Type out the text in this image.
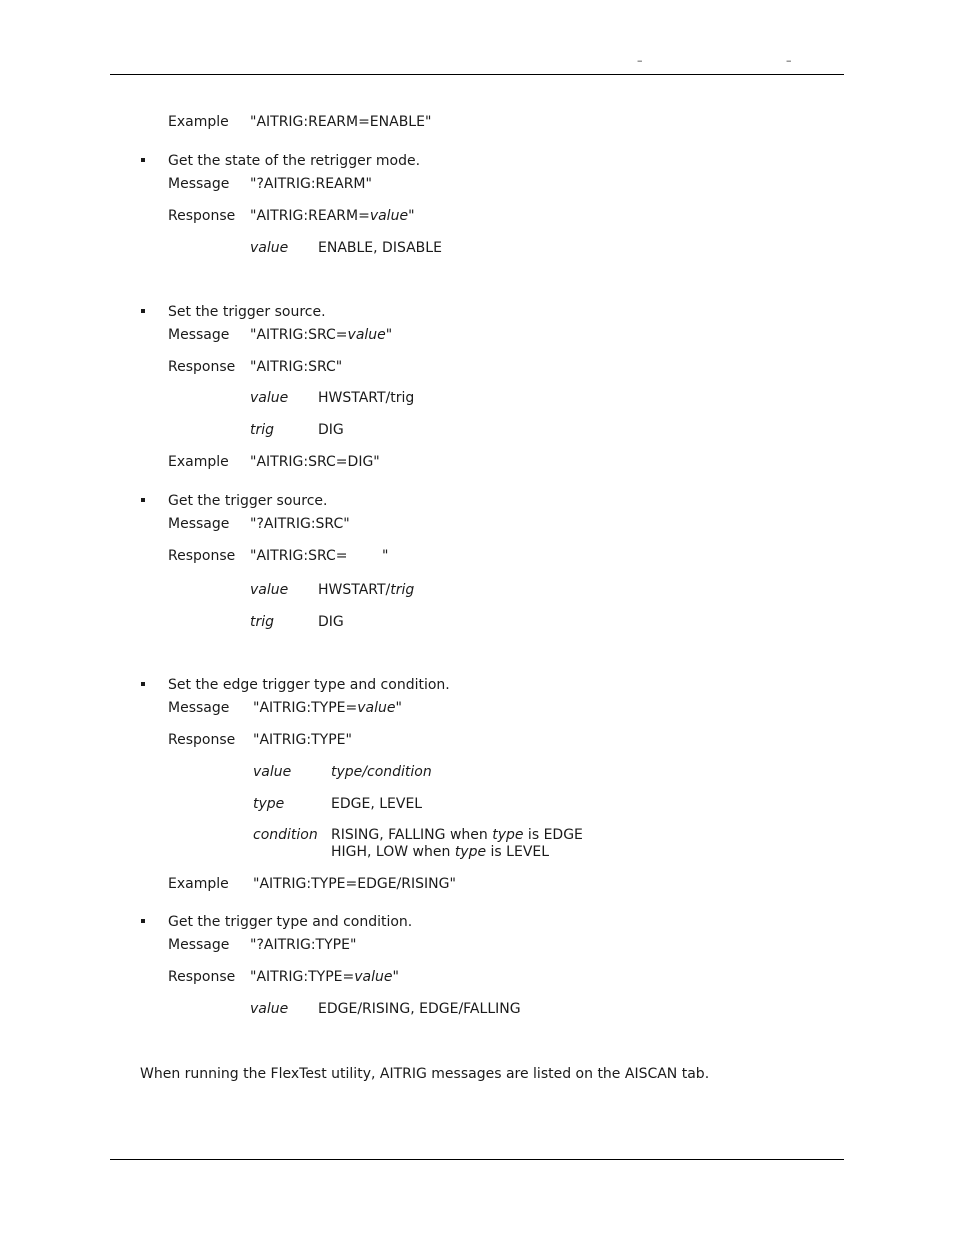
–	–
Example "AITRIG:REARM=ENABLE"
Get the state of the retrigger mode.
Message "?AITRIG:REARM"
Response "AITRIG:REARM=value"
value ENABLE, DISABLE
Set the trigger source.
Message "AITRIG:SRC=value"
Response "AITRIG:SRC"
value HWSTART/trig
trig	DIG
Example "AITRIG:SRC=DIG"
Get the trigger source.
Message "?AITRIG:SRC"
Response "AITRIG:SRC= "
value HWSTART/trig
trig	DIG
Set the edge trigger type and condition.
Message "AITRIG:TYPE=value"
Response "AITRIG:TYPE"
value	type/condition
type	EDGE, LEVEL
condition RISING, FALLING when type is EDGE
HIGH, LOW when type is LEVEL
Example "AITRIG:TYPE=EDGE/RISING"
Get the trigger type and condition.
Message "?AITRIG:TYPE"
Response "AITRIG:TYPE=value"
value EDGE/RISING, EDGE/FALLING
When running the FlexTest utility, AITRIG messages are listed on the AISCAN tab.
